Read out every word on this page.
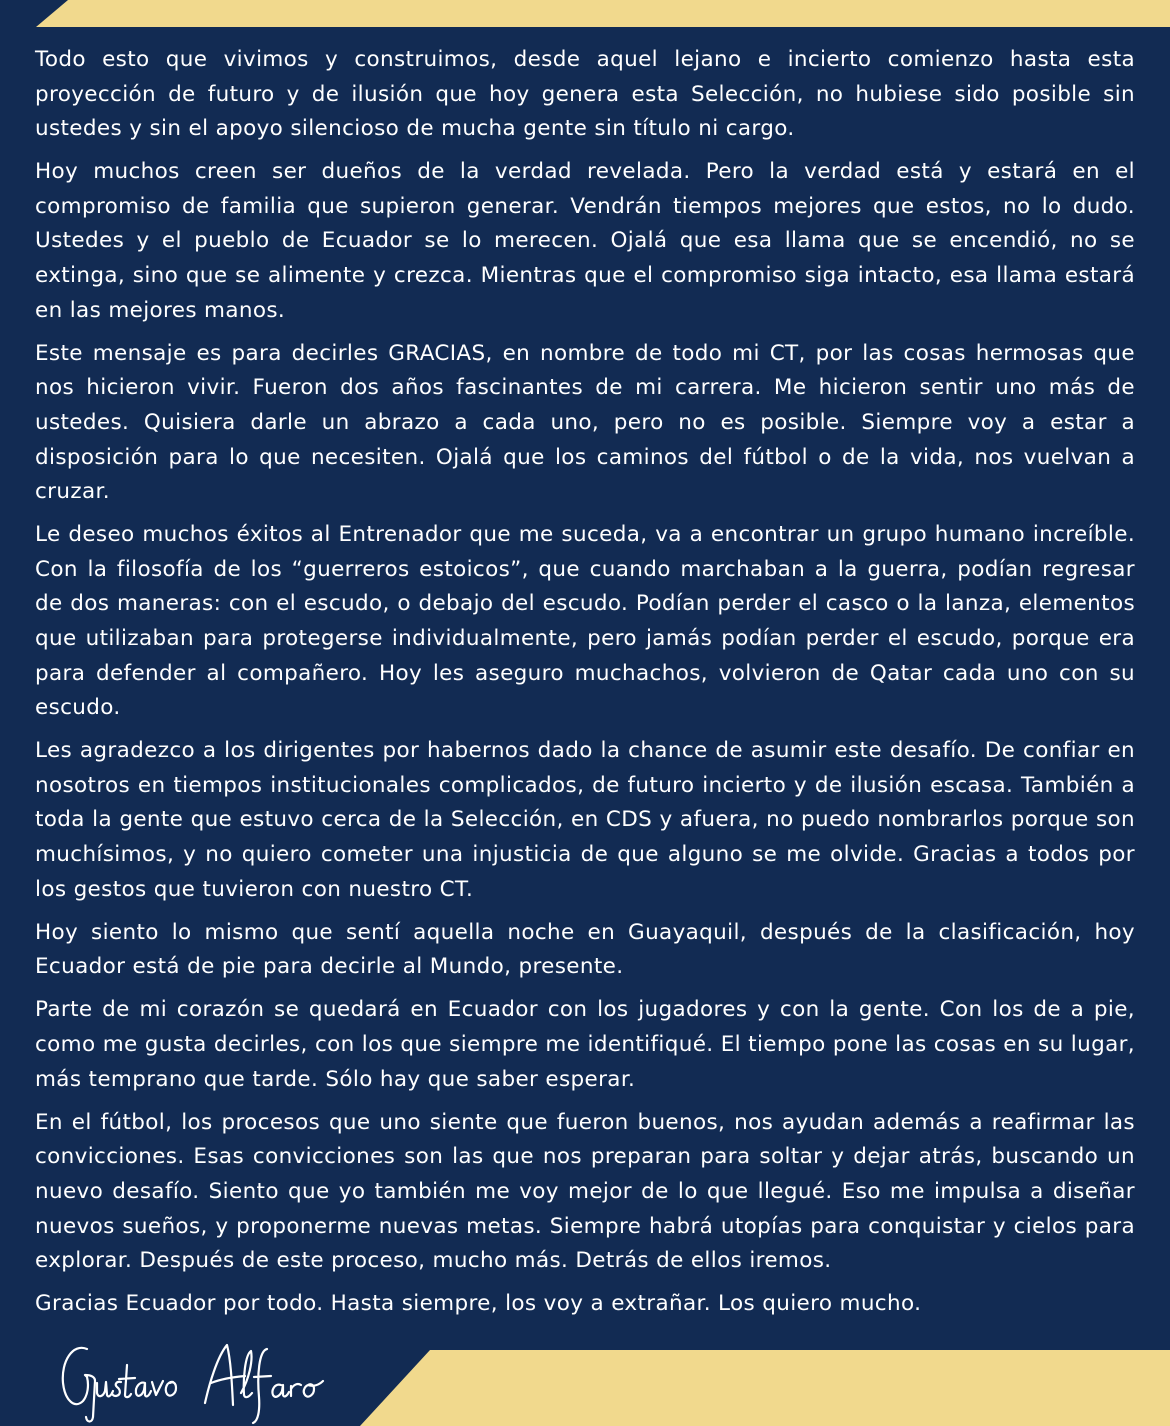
Todo esto que vivimos y construimos, desde aquel lejano e incierto comienzo hasta esta proyección de futuro y de ilusión que hoy genera esta Selección, no hubiese sido posible sin ustedes y sin el apoyo silencioso de mucha gente sin título ni cargo.

Hoy muchos creen ser dueños de la verdad revelada. Pero la verdad está y estará en el compromiso de familia que supieron generar. Vendrán tiempos mejores que estos, no lo dudo. Ustedes y el pueblo de Ecuador se lo merecen. Ojalá que esa llama que se encendió, no se extinga, sino que se alimente y crezca. Mientras que el compromiso siga intacto, esa llama estará en las mejores manos.

Este mensaje es para decirles GRACIAS, en nombre de todo mi CT, por las cosas hermosas que nos hicieron vivir. Fueron dos años fascinantes de mi carrera. Me hicieron sentir uno más de ustedes. Quisiera darle un abrazo a cada uno, pero no es posible. Siempre voy a estar a disposición para lo que necesiten. Ojalá que los caminos del fútbol o de la vida, nos vuelvan a cruzar.

Le deseo muchos éxitos al Entrenador que me suceda, va a encontrar un grupo humano increíble. Con la filosofía de los “guerreros estoicos”, que cuando marchaban a la guerra, podían regresar de dos maneras: con el escudo, o debajo del escudo. Podían perder el casco o la lanza, elementos que utilizaban para protegerse individualmente, pero jamás podían perder el escudo, porque era para defender al compañero. Hoy les aseguro muchachos, volvieron de Qatar cada uno con su escudo.

Les agradezco a los dirigentes por habernos dado la chance de asumir este desafío. De confiar en nosotros en tiempos institucionales complicados, de futuro incierto y de ilusión escasa. También a toda la gente que estuvo cerca de la Selección, en CDS y afuera, no puedo nombrarlos porque son muchísimos, y no quiero cometer una injusticia de que alguno se me olvide. Gracias a todos por los gestos que tuvieron con nuestro CT.

Hoy siento lo mismo que sentí aquella noche en Guayaquil, después de la clasificación, hoy Ecuador está de pie para decirle al Mundo, presente.

Parte de mi corazón se quedará en Ecuador con los jugadores y con la gente. Con los de a pie, como me gusta decirles, con los que siempre me identifiqué. El tiempo pone las cosas en su lugar, más temprano que tarde. Sólo hay que saber esperar.

En el fútbol, los procesos que uno siente que fueron buenos, nos ayudan además a reafirmar las convicciones. Esas convicciones son las que nos preparan para soltar y dejar atrás, buscando un nuevo desafío. Siento que yo también me voy mejor de lo que llegué. Eso me impulsa a diseñar nuevos sueños, y proponerme nuevas metas. Siempre habrá utopías para conquistar y cielos para explorar. Después de este proceso, mucho más. Detrás de ellos iremos.

Gracias Ecuador por todo. Hasta siempre, los voy a extrañar. Los quiero mucho.
